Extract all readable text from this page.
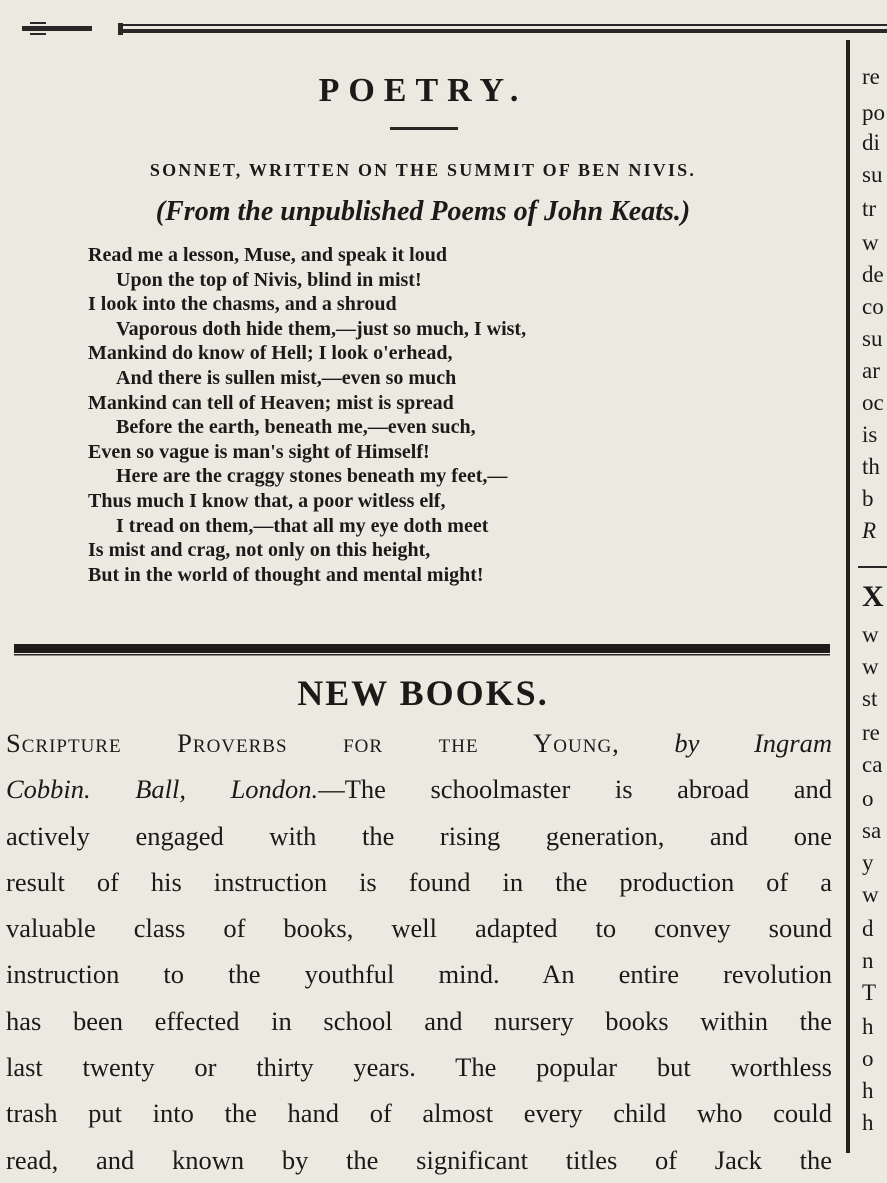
POETRY.
SONNET, WRITTEN ON THE SUMMIT OF BEN NIVIS.
(From the unpublished Poems of John Keats.)
Read me a lesson, Muse, and speak it loud
Upon the top of Nivis, blind in mist!
I look into the chasms, and a shroud
Vaporous doth hide them,—just so much, I wist,
Mankind do know of Hell; I look o'erhead,
And there is sullen mist,—even so much
Mankind can tell of Heaven; mist is spread
Before the earth, beneath me,—even such,
Even so vague is man's sight of Himself!
Here are the craggy stones beneath my feet,—
Thus much I know that, a poor witless elf,
I tread on them,—that all my eye doth meet
Is mist and crag, not only on this height,
But in the world of thought and mental might!
NEW BOOKS.
Scripture Proverbs for the Young, by Ingram
Cobbin. Ball, London.—The schoolmaster is abroad and
actively engaged with the rising generation, and one
result of his instruction is found in the production of a
valuable class of books, well adapted to convey sound
instruction to the youthful mind. An entire revolution
has been effected in school and nursery books within the
last twenty or thirty years. The popular but worthless
trash put into the hand of almost every child who could
read, and known by the significant titles of Jack the
re
po
di
su
tr
w
de
co
su
ar
oc
is
th
b
R
X
w
w
st
re
ca
o
sa
y
w
d
n
T
h
o
h
h
